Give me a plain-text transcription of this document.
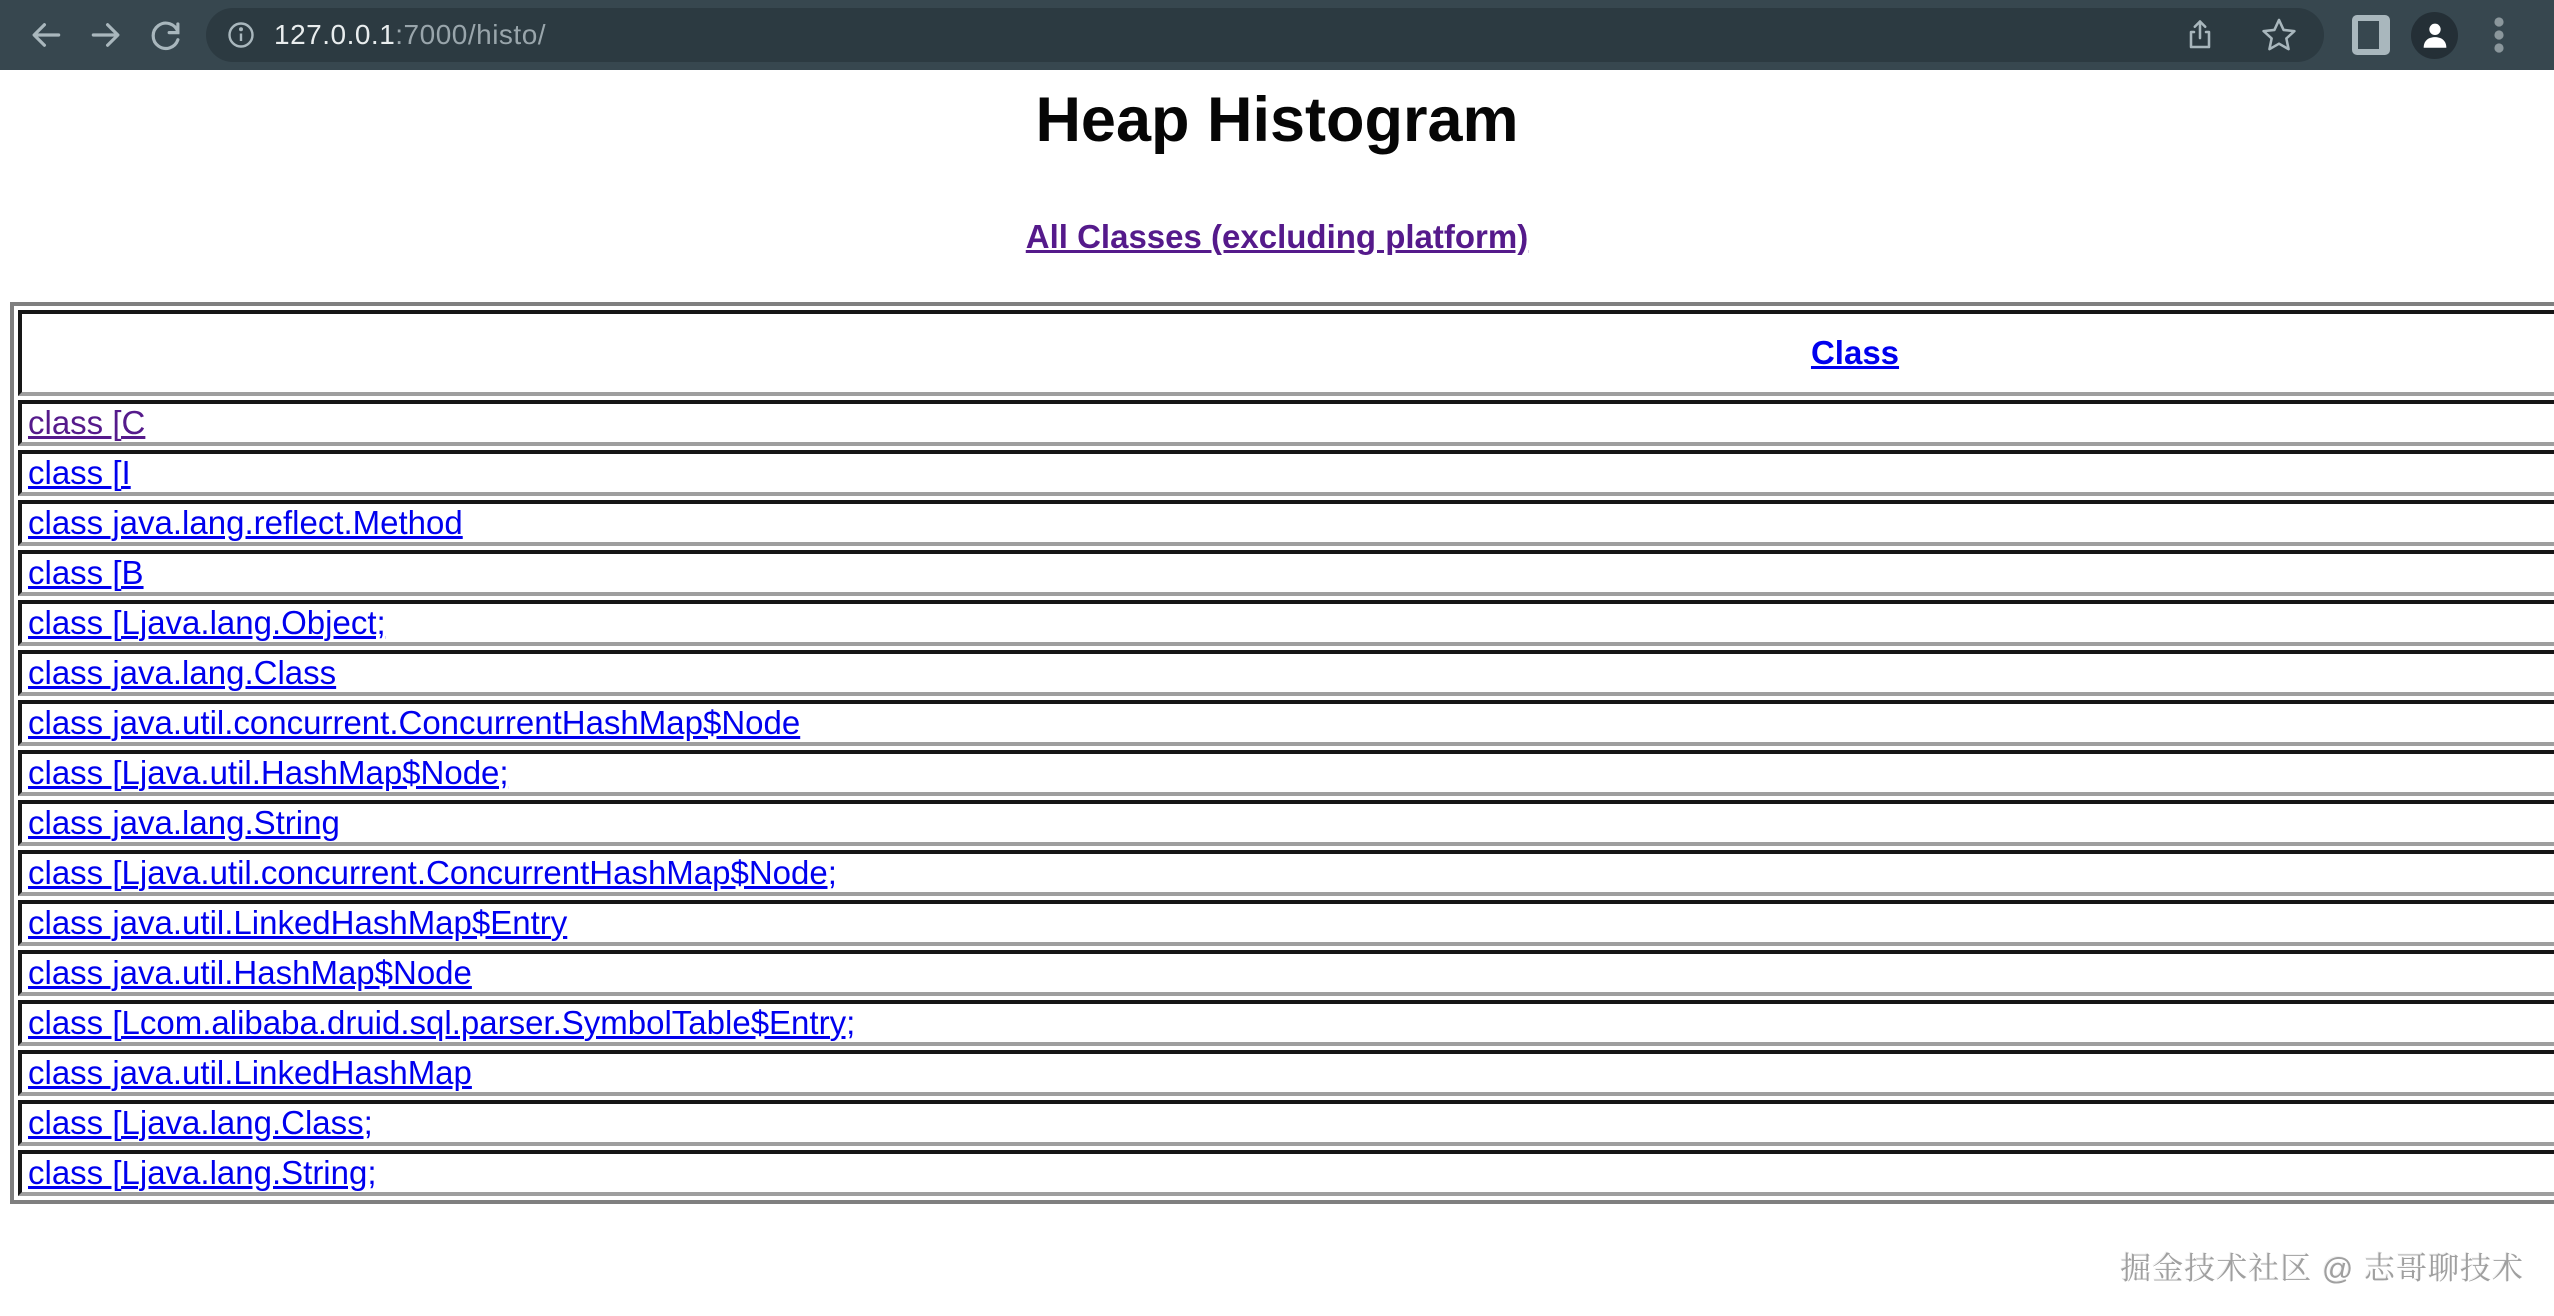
127.0.0.1:7000/histo/
Heap Histogram
All Classes (excluding platform)
Class
class [C
class [I
class java.lang.reflect.Method
class [B
class [Ljava.lang.Object;
class java.lang.Class
class java.util.concurrent.ConcurrentHashMap$Node
class [Ljava.util.HashMap$Node;
class java.lang.String
class [Ljava.util.concurrent.ConcurrentHashMap$Node;
class java.util.LinkedHashMap$Entry
class java.util.HashMap$Node
class [Lcom.alibaba.druid.sql.parser.SymbolTable$Entry;
class java.util.LinkedHashMap
class [Ljava.lang.Class;
class [Ljava.lang.String;
掘金技术社区 @ 志哥聊技术
